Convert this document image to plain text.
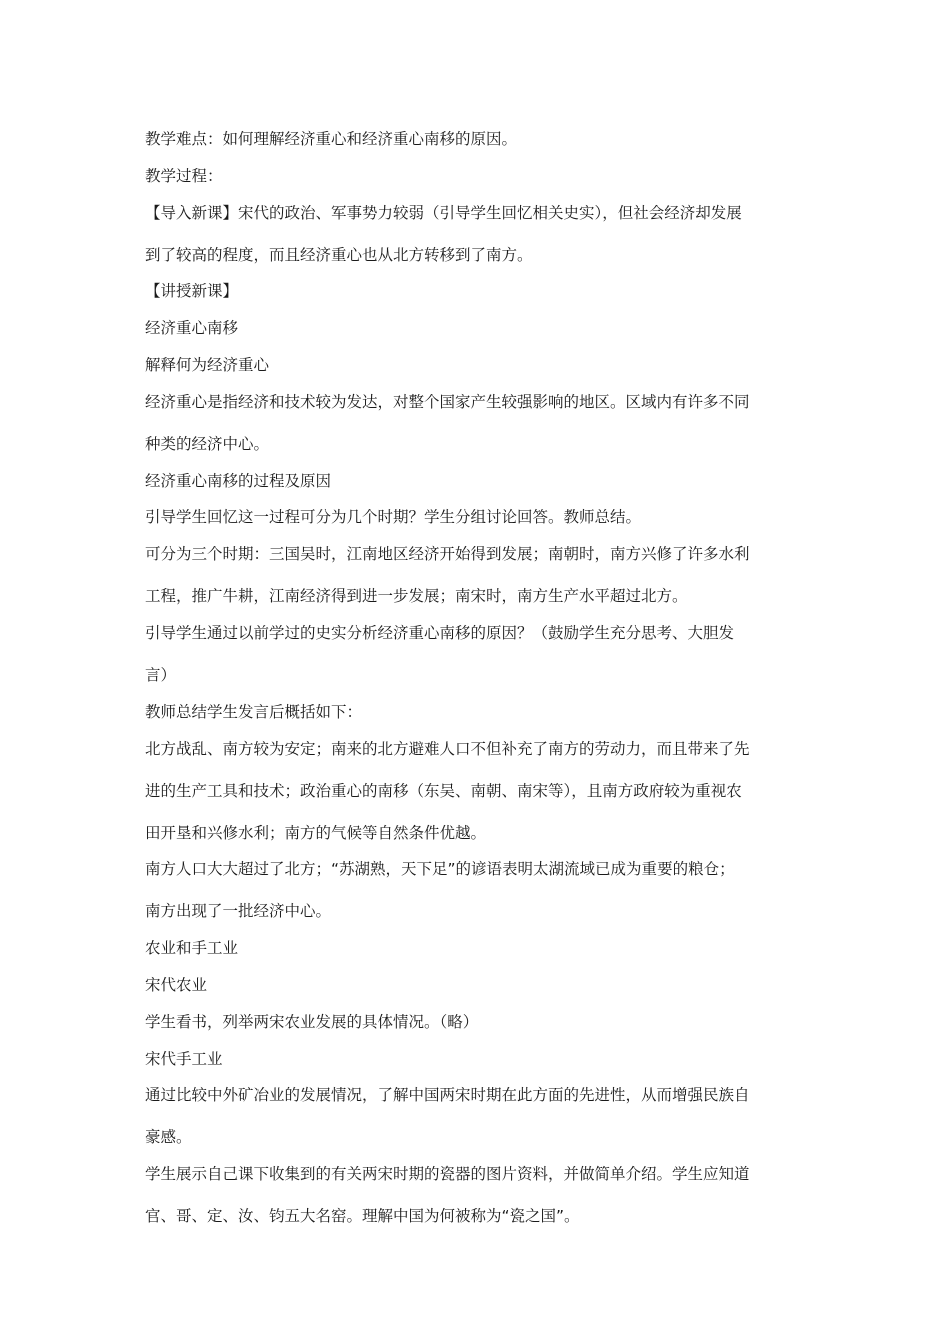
教学难点：如何理解经济重心和经济重心南移的原因。
教学过程：
【导入新课】宋代的政治、军事势力较弱（引导学生回忆相关史实），但社会经济却发展
到了较高的程度，而且经济重心也从北方转移到了南方。
【讲授新课】
经济重心南移
解释何为经济重心
经济重心是指经济和技术较为发达，对整个国家产生较强影响的地区。区域内有许多不同
种类的经济中心。
经济重心南移的过程及原因
引导学生回忆这一过程可分为几个时期？学生分组讨论回答。教师总结。
可分为三个时期：三国吴时，江南地区经济开始得到发展；南朝时，南方兴修了许多水利
工程，推广牛耕，江南经济得到进一步发展；南宋时，南方生产水平超过北方。
引导学生通过以前学过的史实分析经济重心南移的原因？（鼓励学生充分思考、大胆发
言）
教师总结学生发言后概括如下：
北方战乱、南方较为安定；南来的北方避难人口不但补充了南方的劳动力，而且带来了先
进的生产工具和技术；政治重心的南移（东吴、南朝、南宋等），且南方政府较为重视农
田开垦和兴修水利；南方的气候等自然条件优越。
南方人口大大超过了北方；“苏湖熟，天下足”的谚语表明太湖流域已成为重要的粮仓；
南方出现了一批经济中心。
农业和手工业
宋代农业
学生看书，列举两宋农业发展的具体情况。（略）
宋代手工业
通过比较中外矿冶业的发展情况，了解中国两宋时期在此方面的先进性，从而增强民族自
豪感。
学生展示自己课下收集到的有关两宋时期的瓷器的图片资料，并做简单介绍。学生应知道
官、哥、定、汝、钧五大名窑。理解中国为何被称为“瓷之国”。
